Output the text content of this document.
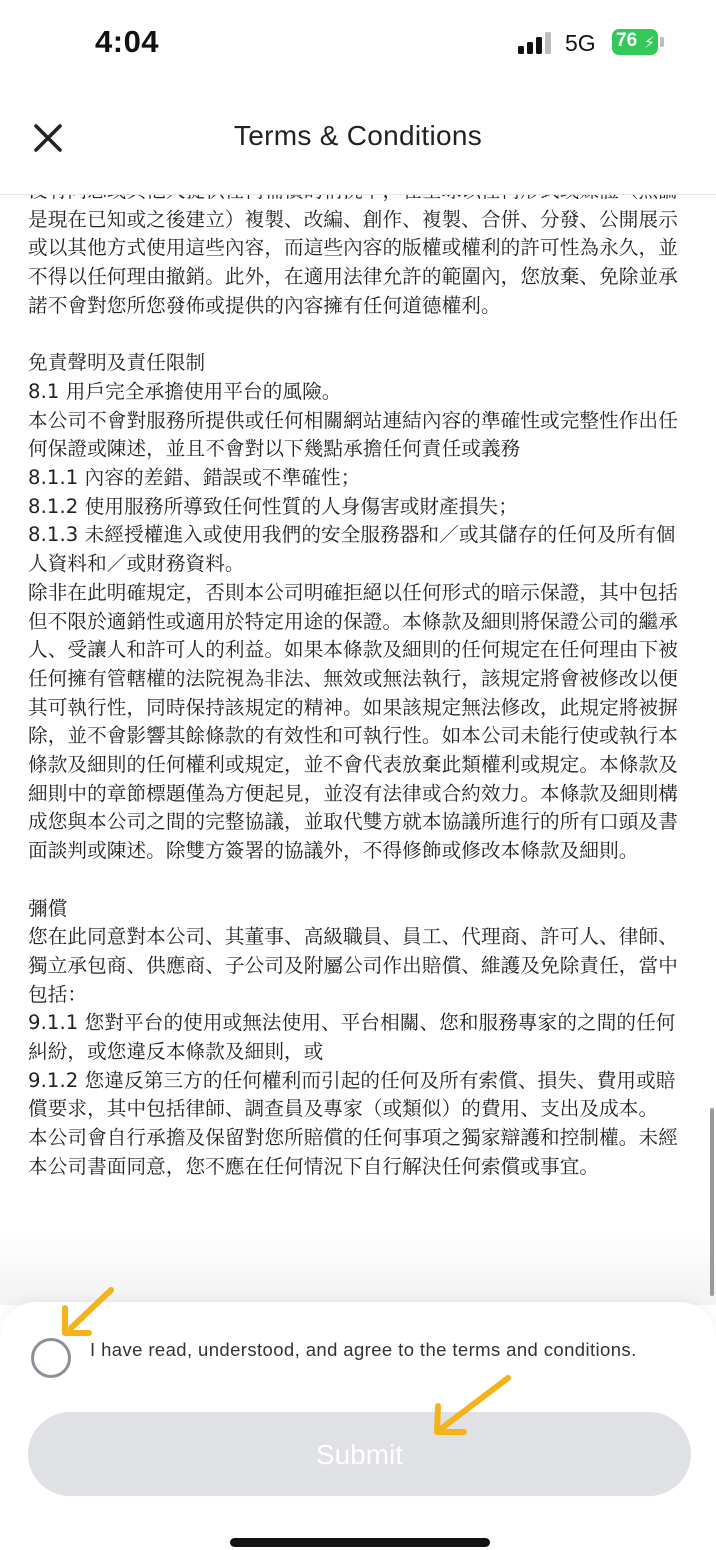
4:04	5G 76 ⚡
Terms & Conditions

是現在已知或之後建立）複製、改編、創作、複製、合併、分發、公開展示或以其他方式使用這些內容，而這些內容的版權或權利的許可性為永久，並不得以任何理由撤銷。此外，在適用法律允許的範圍內，您放棄、免除並承諾不會對您所您發佈或提供的內容擁有任何道德權利。

免責聲明及責任限制
8.1 用戶完全承擔使用平台的風險。
本公司不會對服務所提供或任何相關網站連結內容的準確性或完整性作出任何保證或陳述，並且不會對以下幾點承擔任何責任或義務
8.1.1 內容的差錯、錯誤或不準確性；
8.1.2 使用服務所導致任何性質的人身傷害或財產損失；
8.1.3 未經授權進入或使用我們的安全服務器和／或其儲存的任何及所有個人資料和／或財務資料。
除非在此明確規定，否則本公司明確拒絕以任何形式的暗示保證，其中包括但不限於適銷性或適用於特定用途的保證。本條款及細則將保證公司的繼承人、受讓人和許可人的利益。如果本條款及細則的任何規定在任何理由下被任何擁有管轄權的法院視為非法、無效或無法執行，該規定將會被修改以便其可執行性，同時保持該規定的精神。如果該規定無法修改，此規定將被摒除，並不會影響其餘條款的有效性和可執行性。如本公司未能行使或執行本條款及細則的任何權利或規定，並不會代表放棄此類權利或規定。本條款及細則中的章節標題僅為方便起見，並沒有法律或合約效力。本條款及細則構成您與本公司之間的完整協議，並取代雙方就本協議所進行的所有口頭及書面談判或陳述。除雙方簽署的協議外，不得修飾或修改本條款及細則。

彌償
您在此同意對本公司、其董事、高級職員、員工、代理商、許可人、律師、獨立承包商、供應商、子公司及附屬公司作出賠償、維護及免除責任，當中包括：
9.1.1 您對平台的使用或無法使用、平台相關、您和服務專家的之間的任何糾紛，或您違反本條款及細則，或
9.1.2 您違反第三方的任何權利而引起的任何及所有索償、損失、費用或賠償要求，其中包括律師、調查員及專家（或類似）的費用、支出及成本。
本公司會自行承擔及保留對您所賠償的任何事項之獨家辯護和控制權。未經本公司書面同意，您不應在任何情況下自行解決任何索償或事宜。

I have read, understood, and agree to the terms and conditions.
Submit
